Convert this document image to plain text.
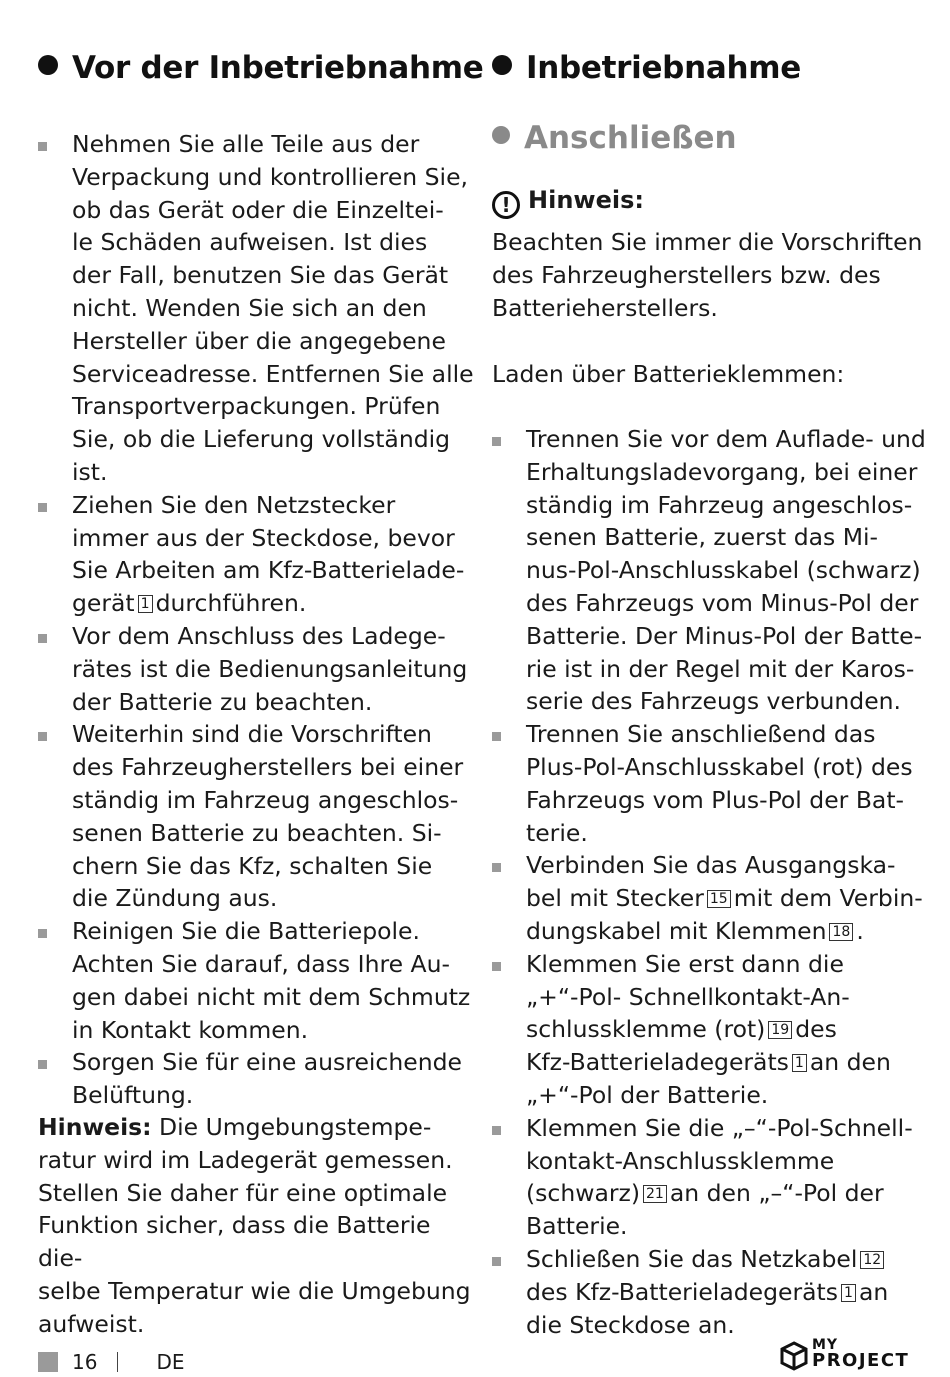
Vor der Inbetriebnahme
Nehmen Sie alle Teile aus der
Verpackung und kontrollieren Sie,
ob das Gerät oder die Einzeltei-
le Schäden aufweisen. Ist dies
der Fall, benutzen Sie das Gerät
nicht. Wenden Sie sich an den
Hersteller über die angegebene
Serviceadresse. Entfernen Sie alle
Transportverpackungen. Prüfen
Sie, ob die Lieferung vollständig ist.
Ziehen Sie den Netzstecker
immer aus der Steckdose, bevor
Sie Arbeiten am Kfz-Batterielade-
gerät 1 durchführen.
Vor dem Anschluss des Ladege-
rätes ist die Bedienungsanleitung
der Batterie zu beachten.
Weiterhin sind die Vorschriften
des Fahrzeugherstellers bei einer
ständig im Fahrzeug angeschlos-
senen Batterie zu beachten. Si-
chern Sie das Kfz, schalten Sie
die Zündung aus.
Reinigen Sie die Batteriepole.
Achten Sie darauf, dass Ihre Au-
gen dabei nicht mit dem Schmutz
in Kontakt kommen.
Sorgen Sie für eine ausreichende
Belüftung.

Hinweis: Die Umgebungstempe-

ratur wird im Ladegerät gemessen.
Stellen Sie daher für eine optimale
Funktion sicher, dass die Batterie die-
selbe Temperatur wie die Umgebung
aufweist.
Inbetriebnahme
Anschließen
! Hinweis:
Beachten Sie immer die Vorschriften
des Fahrzeugherstellers bzw. des
Batterieherstellers.

Laden über Batterieklemmen:

Trennen Sie vor dem Auflade- und
Erhaltungsladevorgang, bei einer
ständig im Fahrzeug angeschlos-
senen Batterie, zuerst das Mi-
nus-Pol-Anschlusskabel (schwarz)
des Fahrzeugs vom Minus-Pol der
Batterie. Der Minus-Pol der Batte-
rie ist in der Regel mit der Karos-
serie des Fahrzeugs verbunden.
Trennen Sie anschließend das
Plus-Pol-Anschlusskabel (rot) des
Fahrzeugs vom Plus-Pol der Bat-
terie.
Verbinden Sie das Ausgangska-
bel mit Stecker 15 mit dem Verbin-
dungskabel mit Klemmen 18 .
Klemmen Sie erst dann die
„+“-Pol- Schnellkontakt-An-
schlussklemme (rot) 19 des
Kfz-Batterieladegeräts 1 an den
„+“-Pol der Batterie.
Klemmen Sie die „–“-Pol-Schnell-
kontakt-Anschlussklemme
(schwarz) 21 an den „–“-Pol der
Batterie.
Schließen Sie das Netzkabel 12
des Kfz-Batterieladegeräts 1 an
die Steckdose an.
16	DE
MY
PROJECT
